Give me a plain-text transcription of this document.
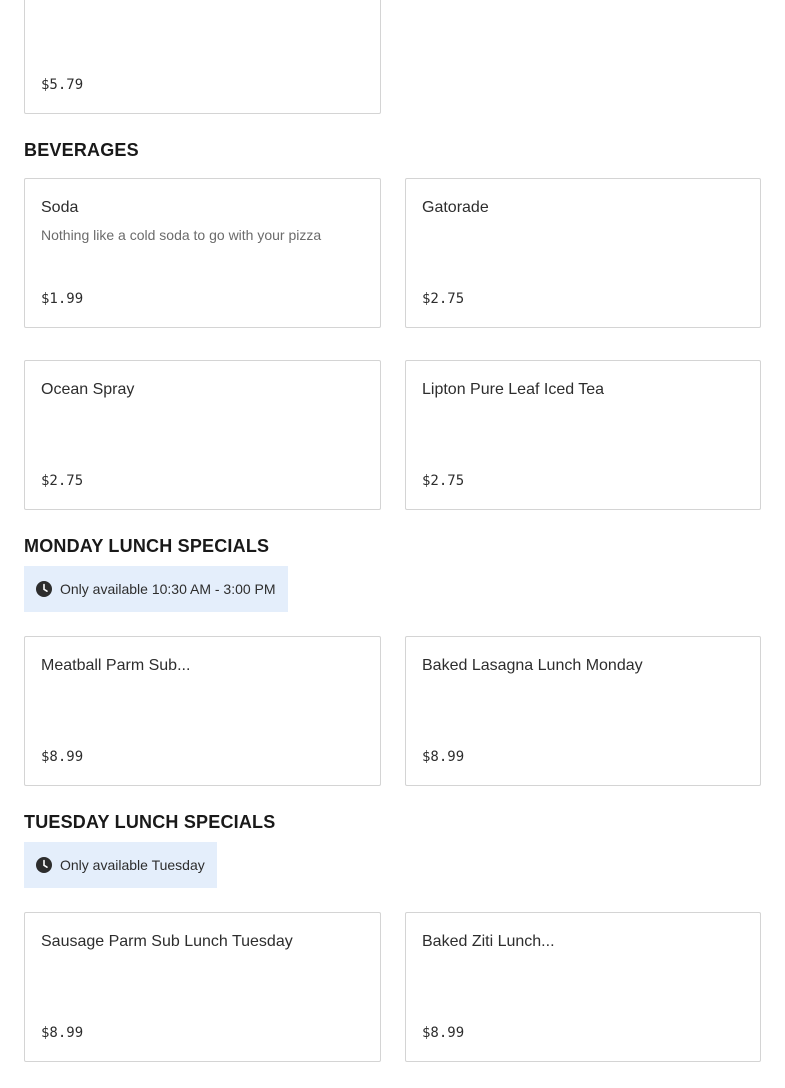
$5.79
BEVERAGES
Soda
Nothing like a cold soda to go with your pizza
$1.99
Gatorade
$2.75
Ocean Spray
$2.75
Lipton Pure Leaf Iced Tea
$2.75
MONDAY LUNCH SPECIALS
Only available 10:30 AM - 3:00 PM
Meatball Parm Sub...
$8.99
Baked Lasagna Lunch Monday
$8.99
TUESDAY LUNCH SPECIALS
Only available Tuesday
Sausage Parm Sub Lunch Tuesday
$8.99
Baked Ziti Lunch...
$8.99
